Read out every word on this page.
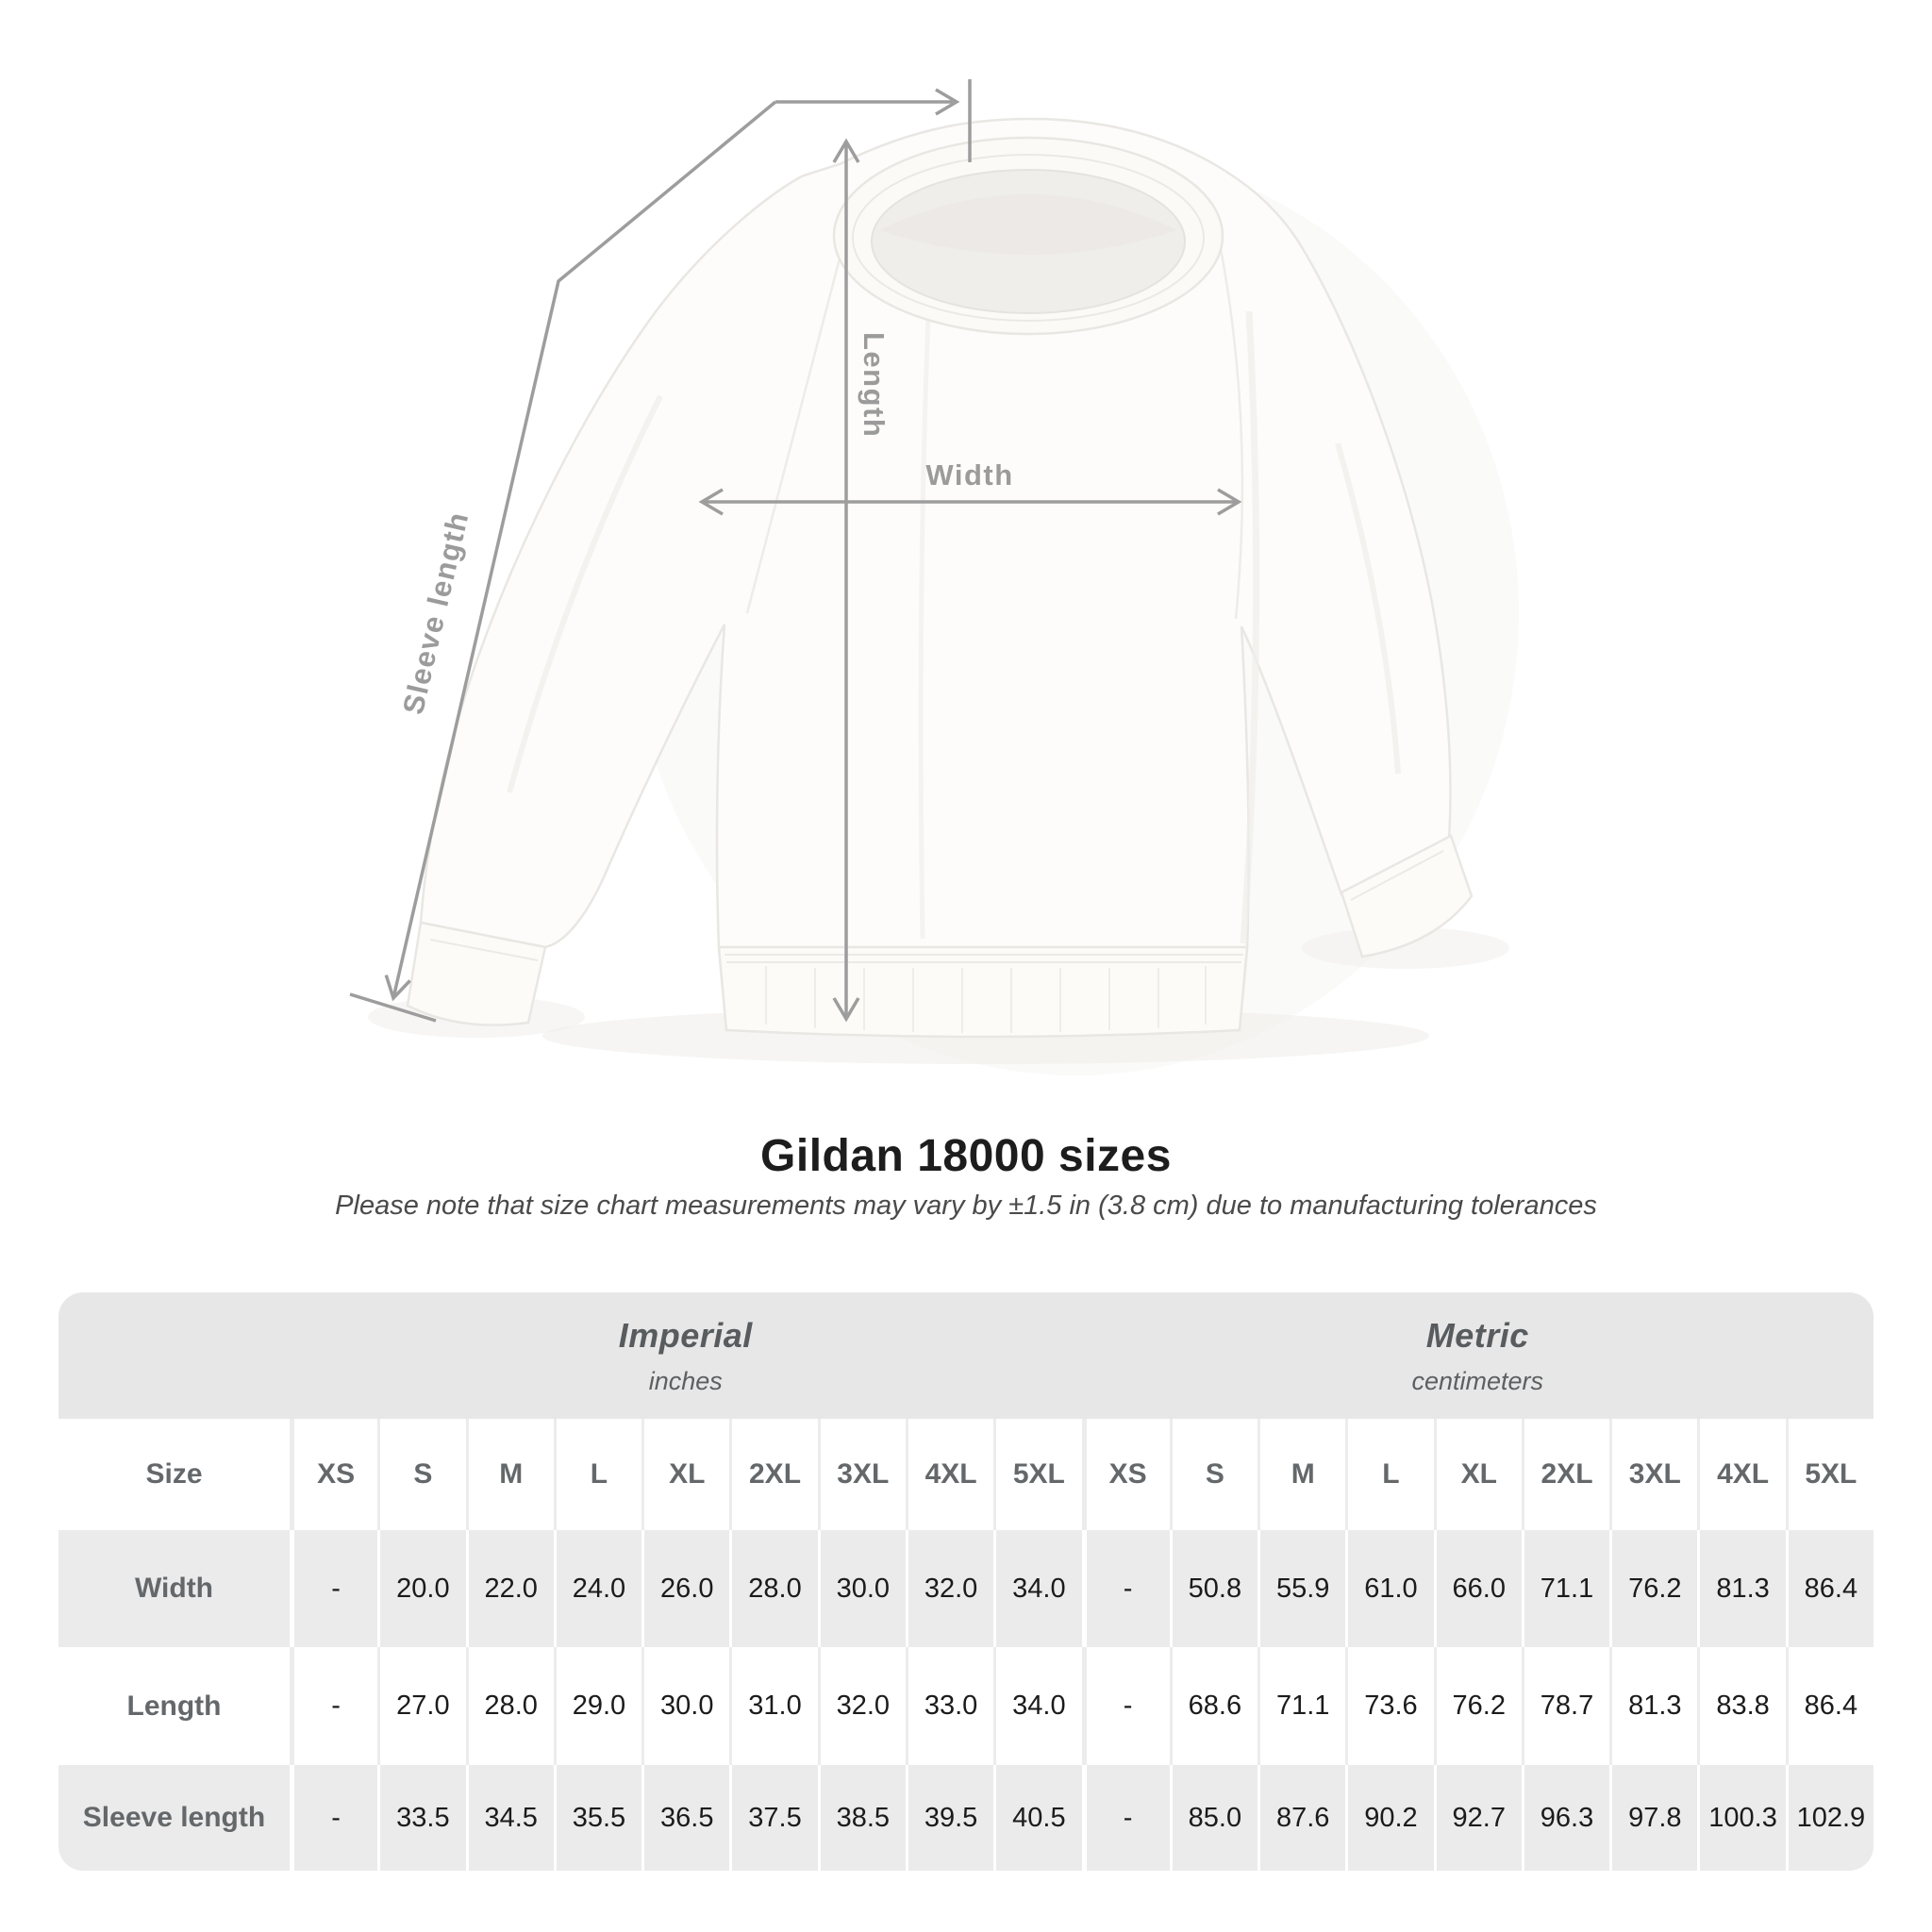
Length
Width
Sleeve length
Gildan 18000 sizes
Please note that size chart measurements may vary by ±1.5 in (3.8 cm) due to manufacturing tolerances
Imperial
inches
Metric
centimeters
Size	XS	S	M	L	XL	2XL	3XL	4XL	5XL	XS	S	M	L	XL	2XL	3XL	4XL	5XL
Width	-	20.0	22.0	24.0	26.0	28.0	30.0	32.0	34.0	-	50.8	55.9	61.0	66.0	71.1	76.2	81.3	86.4
Length	-	27.0	28.0	29.0	30.0	31.0	32.0	33.0	34.0	-	68.6	71.1	73.6	76.2	78.7	81.3	83.8	86.4
Sleeve length	-	33.5	34.5	35.5	36.5	37.5	38.5	39.5	40.5	-	85.0	87.6	90.2	92.7	96.3	97.8 100.3 102.9
